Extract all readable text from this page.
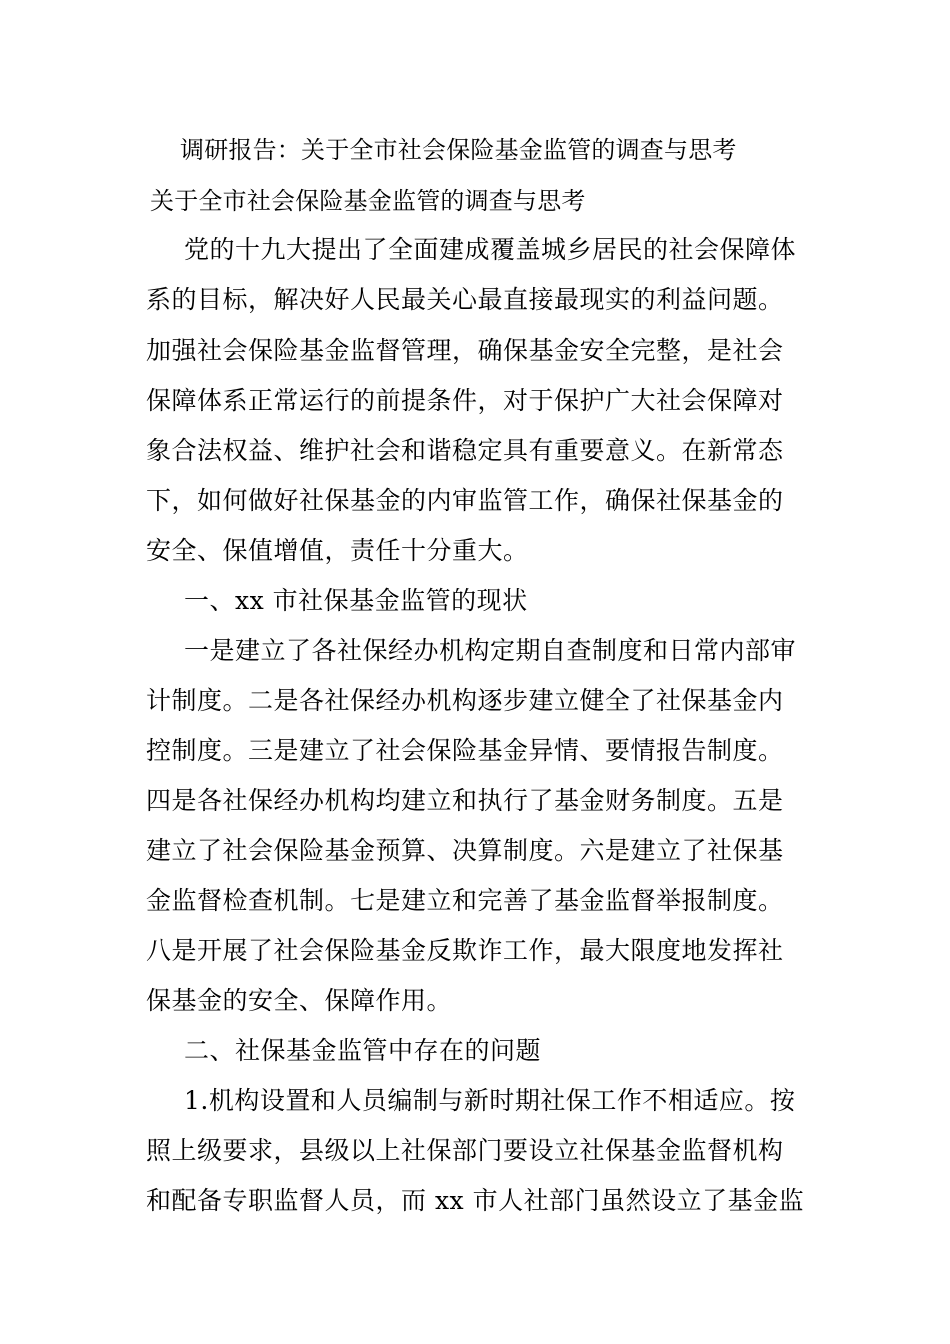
调研报告：关于全市社会保险基金监管的调查与思考
关于全市社会保险基金监管的调查与思考
党的十九大提出了全面建成覆盖城乡居民的社会保障体
系的目标，解决好人民最关心最直接最现实的利益问题。
加强社会保险基金监督管理，确保基金安全完整，是社会
保障体系正常运行的前提条件，对于保护广大社会保障对
象合法权益、维护社会和谐稳定具有重要意义。在新常态
下，如何做好社保基金的内审监管工作，确保社保基金的
安全、保值增值，责任十分重大。
一、xx 市社保基金监管的现状
一是建立了各社保经办机构定期自查制度和日常内部审
计制度。二是各社保经办机构逐步建立健全了社保基金内
控制度。三是建立了社会保险基金异情、要情报告制度。
四是各社保经办机构均建立和执行了基金财务制度。五是
建立了社会保险基金预算、决算制度。六是建立了社保基
金监督检查机制。七是建立和完善了基金监督举报制度。
八是开展了社会保险基金反欺诈工作，最大限度地发挥社
保基金的安全、保障作用。
二、社保基金监管中存在的问题
1.机构设置和人员编制与新时期社保工作不相适应。按
照上级要求，县级以上社保部门要设立社保基金监督机构
和配备专职监督人员，而 xx 市人社部门虽然设立了基金监
